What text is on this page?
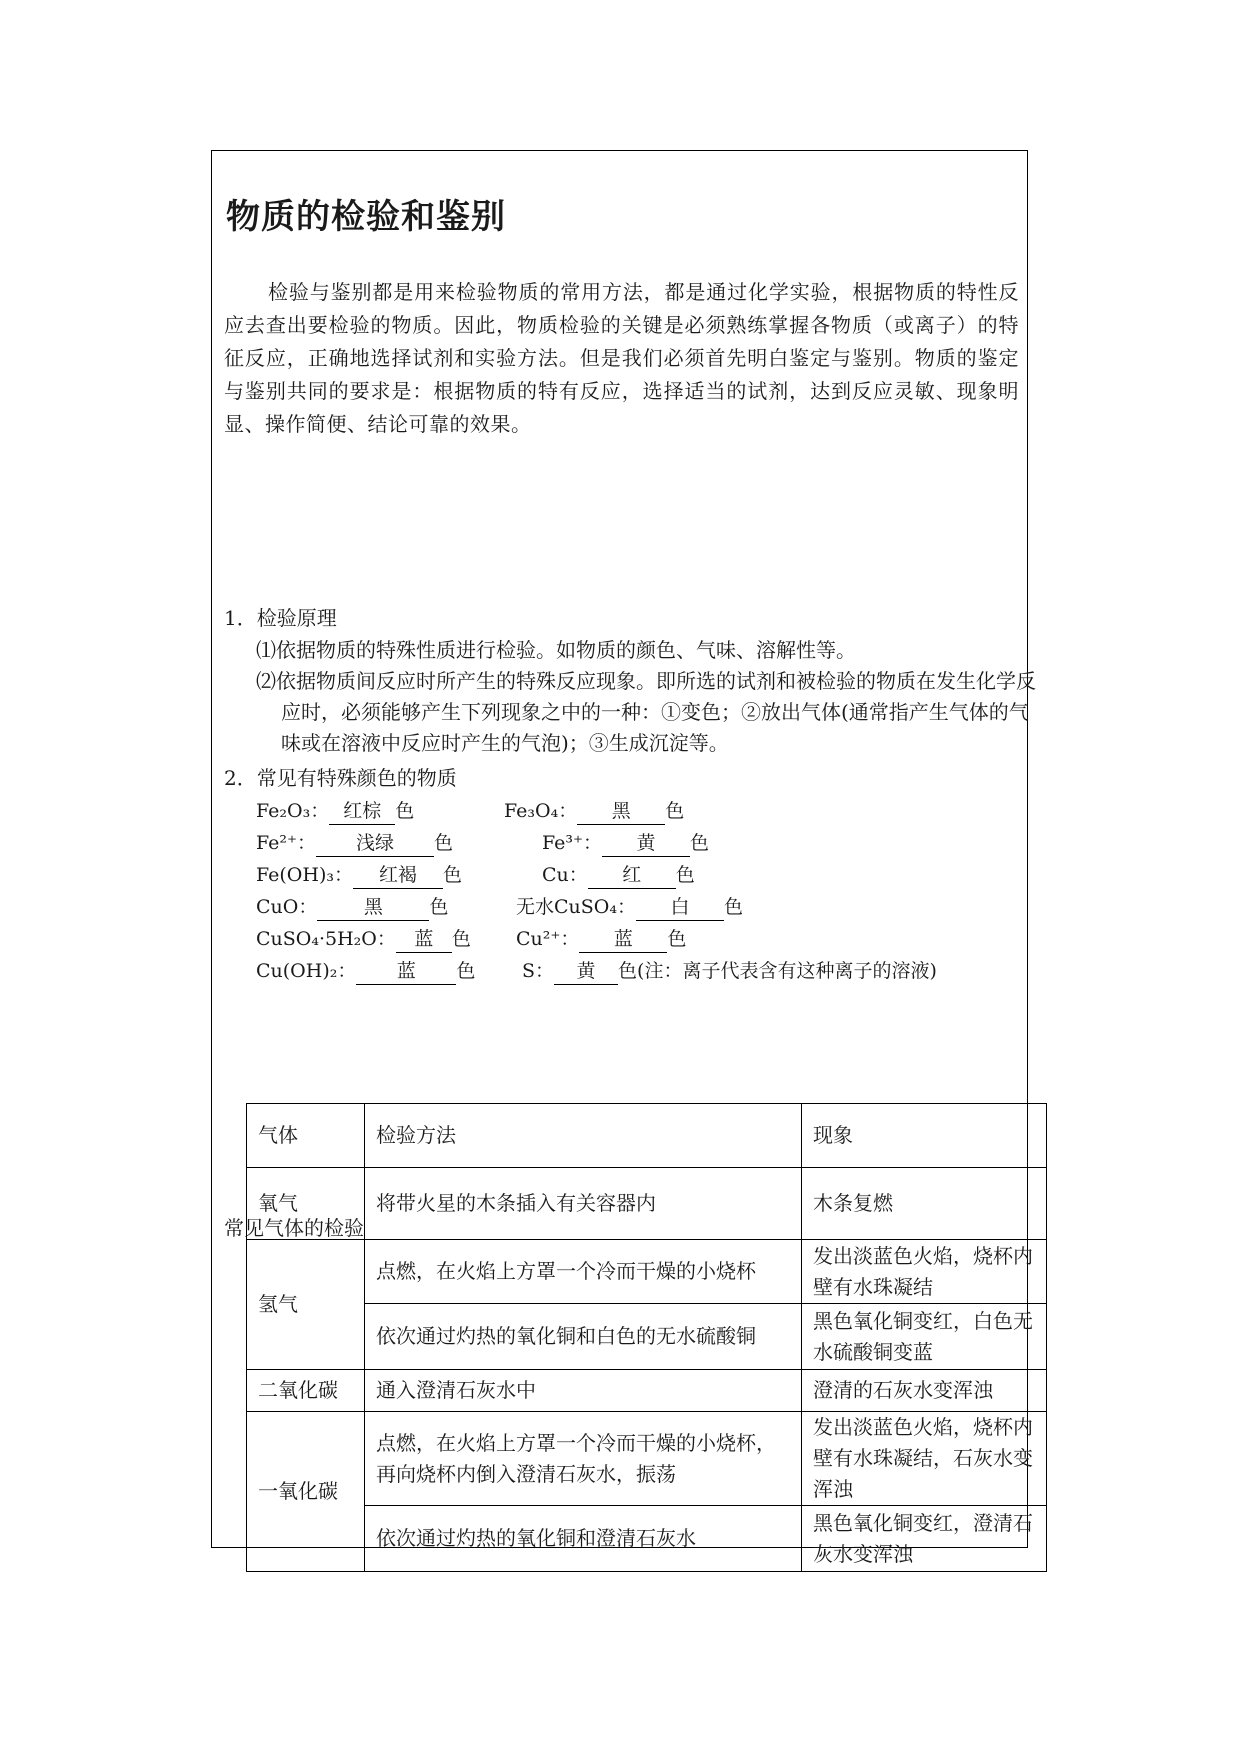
物质的检验和鉴别
检验与鉴别都是用来检验物质的常用方法，都是通过化学实验，根据物质的特性反应去查出要检验的物质。因此，物质检验的关键是必须熟练掌握各物质（或离子）的特征反应，正确地选择试剂和实验方法。但是我们必须首先明白鉴定与鉴别。物质的鉴定与鉴别共同的要求是：根据物质的特有反应，选择适当的试剂，达到反应灵敏、现象明显、操作简便、结论可靠的效果。
1．检验原理
⑴依据物质的特殊性质进行检验。如物质的颜色、气味、溶解性等。
⑵依据物质间反应时所产生的特殊反应现象。即所选的试剂和被检验的物质在发生化学反应时，必须能够产生下列现象之中的一种：①变色；②放出气体(通常指产生气体的气味或在溶液中反应时产生的气泡)；③生成沉淀等。
2．常见有特殊颜色的物质
Fe₂O₃： 红棕 色	Fe₃O₄： 黑 色
Fe²⁺： 浅绿 色	Fe³⁺： 黄 色
Fe(OH)₃： 红褐 色	Cu： 红 色
CuO： 黑 色	无水CuSO₄： 白 色
CuSO₄·5H₂O： 蓝 色 Cu²⁺： 蓝 色
Cu(OH)₂： 蓝 色 S： 黄 色(注：离子代表含有这种离子的溶液)
常见气体的检验
气体	检验方法	现象
氧气	将带火星的木条插入有关容器内	木条复燃
氢气	点燃，在火焰上方罩一个冷而干燥的小烧杯	发出淡蓝色火焰，烧杯内壁有水珠凝结
	依次通过灼热的氧化铜和白色的无水硫酸铜	黑色氧化铜变红，白色无水硫酸铜变蓝
二氧化碳	通入澄清石灰水中	澄清的石灰水变浑浊
一氧化碳	点燃，在火焰上方罩一个冷而干燥的小烧杯，再向烧杯内倒入澄清石灰水，振荡	发出淡蓝色火焰，烧杯内壁有水珠凝结，石灰水变浑浊
	依次通过灼热的氧化铜和澄清石灰水	黑色氧化铜变红，澄清石灰水变浑浊
